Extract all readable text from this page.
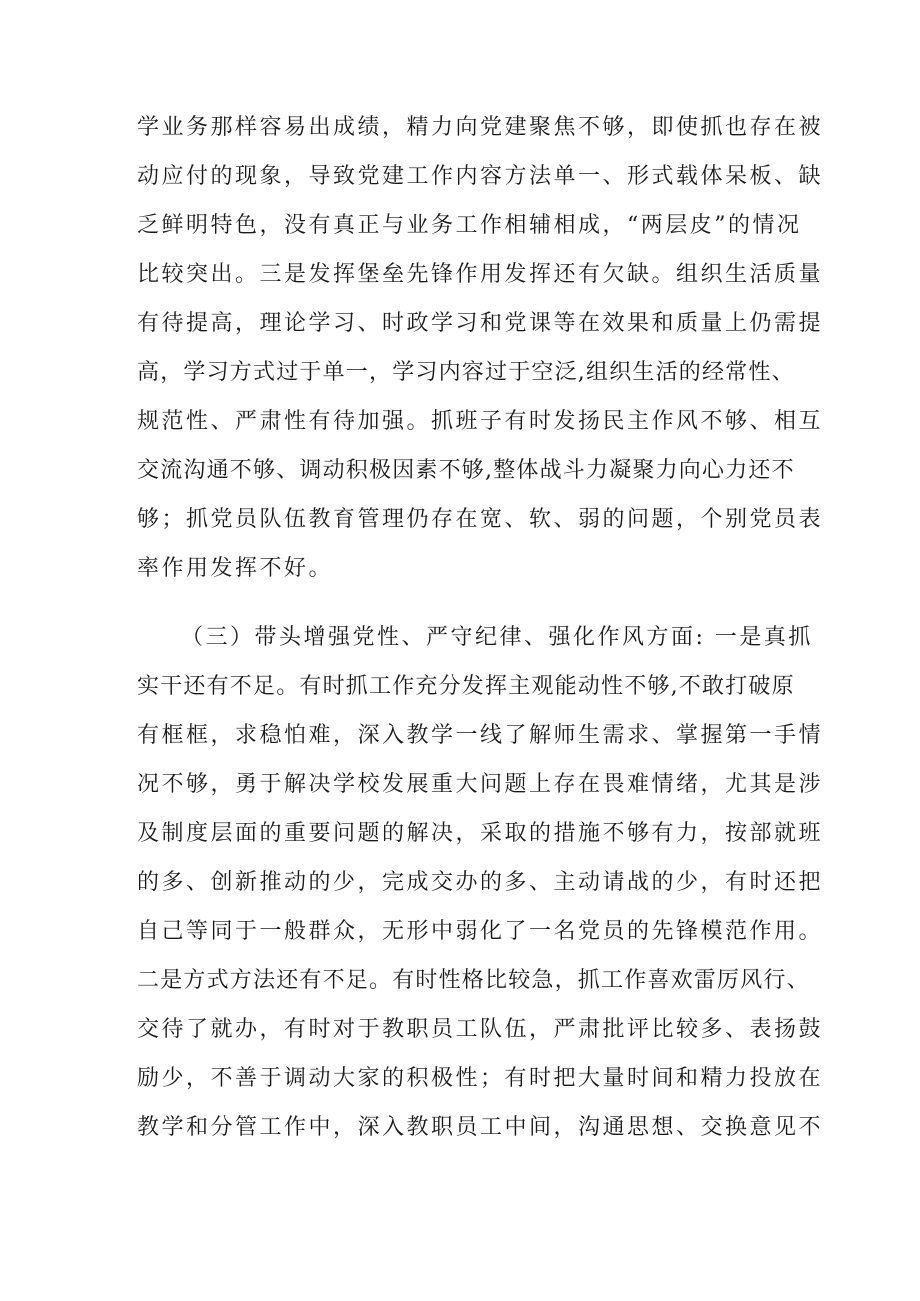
学业务那样容易出成绩，精力向党建聚焦不够，即使抓也存在被
动应付的现象，导致党建工作内容方法单一、形式载体呆板、缺
乏鲜明特色，没有真正与业务工作相辅相成，“两层皮”的情况
比较突出。三是发挥堡垒先锋作用发挥还有欠缺。组织生活质量
有待提高，理论学习、时政学习和党课等在效果和质量上仍需提
高，学习方式过于单一，学习内容过于空泛,组织生活的经常性、
规范性、严肃性有待加强。抓班子有时发扬民主作风不够、相互
交流沟通不够、调动积极因素不够,整体战斗力凝聚力向心力还不
够；抓党员队伍教育管理仍存在宽、软、弱的问题，个别党员表
率作用发挥不好。
（三）带头增强党性、严守纪律、强化作风方面: 一是真抓
实干还有不足。有时抓工作充分发挥主观能动性不够,不敢打破原
有框框，求稳怕难，深入教学一线了解师生需求、掌握第一手情
况不够，勇于解决学校发展重大问题上存在畏难情绪，尤其是涉
及制度层面的重要问题的解决，采取的措施不够有力，按部就班
的多、创新推动的少，完成交办的多、主动请战的少，有时还把
自己等同于一般群众，无形中弱化了一名党员的先锋模范作用。
二是方式方法还有不足。有时性格比较急，抓工作喜欢雷厉风行、
交待了就办，有时对于教职员工队伍，严肃批评比较多、表扬鼓
励少，不善于调动大家的积极性；有时把大量时间和精力投放在
教学和分管工作中，深入教职员工中间，沟通思想、交换意见不
